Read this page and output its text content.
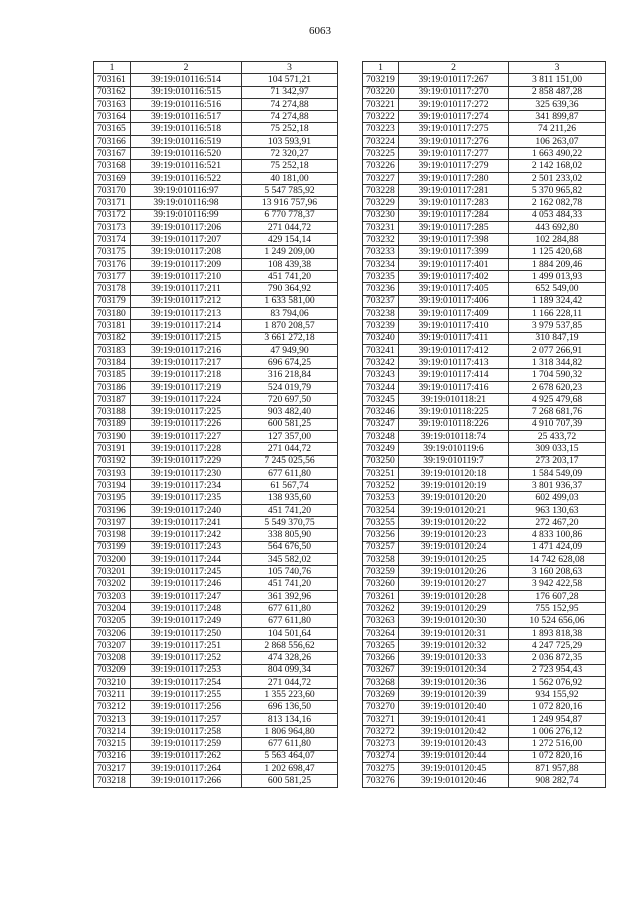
6063
1	2	3
703161	39:19:010116:514	104 571,21
703162	39:19:010116:515	71 342,97
703163	39:19:010116:516	74 274,88
703164	39:19:010116:517	74 274,88
703165	39:19:010116:518	75 252,18
703166	39:19:010116:519	103 593,91
703167	39:19:010116:520	72 320,27
703168	39:19:010116:521	75 252,18
703169	39:19:010116:522	40 181,00
703170	39:19:010116:97	5 547 785,92
703171	39:19:010116:98	13 916 757,96
703172	39:19:010116:99	6 770 778,37
703173	39:19:010117:206	271 044,72
703174	39:19:010117:207	429 154,14
703175	39:19:010117:208	1 249 209,00
703176	39:19:010117:209	108 439,38
703177	39:19:010117:210	451 741,20
703178	39:19:010117:211	790 364,92
703179	39:19:010117:212	1 633 581,00
703180	39:19:010117:213	83 794,06
703181	39:19:010117:214	1 870 208,57
703182	39:19:010117:215	3 661 272,18
703183	39:19:010117:216	47 949,90
703184	39:19:010117:217	696 674,25
703185	39:19:010117:218	316 218,84
703186	39:19:010117:219	524 019,79
703187	39:19:010117:224	720 697,50
703188	39:19:010117:225	903 482,40
703189	39:19:010117:226	600 581,25
703190	39:19:010117:227	127 357,00
703191	39:19:010117:228	271 044,72
703192	39:19:010117:229	7 245 025,56
703193	39:19:010117:230	677 611,80
703194	39:19:010117:234	61 567,74
703195	39:19:010117:235	138 935,60
703196	39:19:010117:240	451 741,20
703197	39:19:010117:241	5 549 370,75
703198	39:19:010117:242	338 805,90
703199	39:19:010117:243	564 676,50
703200	39:19:010117:244	345 582,02
703201	39:19:010117:245	105 740,76
703202	39:19:010117:246	451 741,20
703203	39:19:010117:247	361 392,96
703204	39:19:010117:248	677 611,80
703205	39:19:010117:249	677 611,80
703206	39:19:010117:250	104 501,64
703207	39:19:010117:251	2 868 556,62
703208	39:19:010117:252	474 328,26
703209	39:19:010117:253	804 099,34
703210	39:19:010117:254	271 044,72
703211	39:19:010117:255	1 355 223,60
703212	39:19:010117:256	696 136,50
703213	39:19:010117:257	813 134,16
703214	39:19:010117:258	1 806 964,80
703215	39:19:010117:259	677 611,80
703216	39:19:010117:262	5 563 464,07
703217	39:19:010117:264	1 202 698,47
703218	39:19:010117:266	600 581,25
1	2	3
703219	39:19:010117:267	3 811 151,00
703220	39:19:010117:270	2 858 487,28
703221	39:19:010117:272	325 639,36
703222	39:19:010117:274	341 899,87
703223	39:19:010117:275	74 211,26
703224	39:19:010117:276	106 263,07
703225	39:19:010117:277	1 663 490,22
703226	39:19:010117:279	2 142 168,02
703227	39:19:010117:280	2 501 233,02
703228	39:19:010117:281	5 370 965,82
703229	39:19:010117:283	2 162 082,78
703230	39:19:010117:284	4 053 484,33
703231	39:19:010117:285	443 692,80
703232	39:19:010117:398	102 284,88
703233	39:19:010117:399	1 125 420,68
703234	39:19:010117:401	1 884 209,46
703235	39:19:010117:402	1 499 013,93
703236	39:19:010117:405	652 549,00
703237	39:19:010117:406	1 189 324,42
703238	39:19:010117:409	1 166 228,11
703239	39:19:010117:410	3 979 537,85
703240	39:19:010117:411	310 847,19
703241	39:19:010117:412	2 077 266,91
703242	39:19:010117:413	1 318 344,82
703243	39:19:010117:414	1 704 590,32
703244	39:19:010117:416	2 678 620,23
703245	39:19:010118:21	4 925 479,68
703246	39:19:010118:225	7 268 681,76
703247	39:19:010118:226	4 910 707,39
703248	39:19:010118:74	25 433,72
703249	39:19:010119:6	309 033,15
703250	39:19:010119:7	273 203,17
703251	39:19:010120:18	1 584 549,09
703252	39:19:010120:19	3 801 936,37
703253	39:19:010120:20	602 499,03
703254	39:19:010120:21	963 130,63
703255	39:19:010120:22	272 467,20
703256	39:19:010120:23	4 833 100,86
703257	39:19:010120:24	1 471 424,09
703258	39:19:010120:25	14 742 628,08
703259	39:19:010120:26	3 160 208,63
703260	39:19:010120:27	3 942 422,58
703261	39:19:010120:28	176 607,28
703262	39:19:010120:29	755 152,95
703263	39:19:010120:30	10 524 656,06
703264	39:19:010120:31	1 893 818,38
703265	39:19:010120:32	4 247 725,29
703266	39:19:010120:33	2 036 872,35
703267	39:19:010120:34	2 723 954,43
703268	39:19:010120:36	1 562 076,92
703269	39:19:010120:39	934 155,92
703270	39:19:010120:40	1 072 820,16
703271	39:19:010120:41	1 249 954,87
703272	39:19:010120:42	1 006 276,12
703273	39:19:010120:43	1 272 516,00
703274	39:19:010120:44	1 072 820,16
703275	39:19:010120:45	871 957,88
703276	39:19:010120:46	908 282,74
